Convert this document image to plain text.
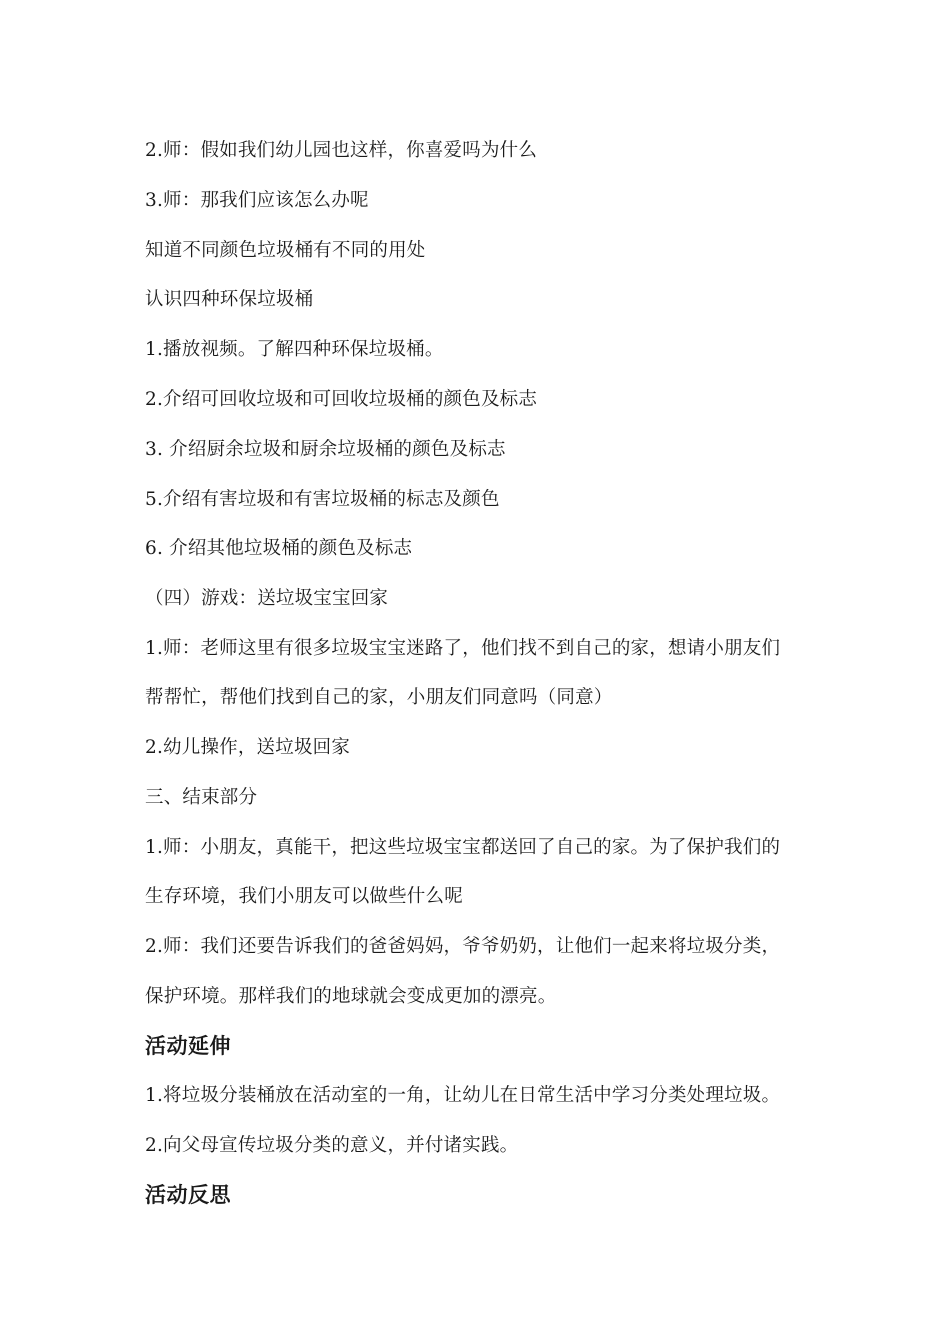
2.师：假如我们幼儿园也这样，你喜爱吗为什么
3.师：那我们应该怎么办呢
知道不同颜色垃圾桶有不同的用处
认识四种环保垃圾桶
1.播放视频。了解四种环保垃圾桶。
2.介绍可回收垃圾和可回收垃圾桶的颜色及标志
3. 介绍厨余垃圾和厨余垃圾桶的颜色及标志
5.介绍有害垃圾和有害垃圾桶的标志及颜色
6. 介绍其他垃圾桶的颜色及标志
（四）游戏：送垃圾宝宝回家
1.师：老师这里有很多垃圾宝宝迷路了，他们找不到自己的家，想请小朋友们
帮帮忙，帮他们找到自己的家，小朋友们同意吗（同意）
2.幼儿操作，送垃圾回家
三、结束部分
1.师：小朋友，真能干，把这些垃圾宝宝都送回了自己的家。为了保护我们的
生存环境，我们小朋友可以做些什么呢
2.师：我们还要告诉我们的爸爸妈妈，爷爷奶奶，让他们一起来将垃圾分类，
保护环境。那样我们的地球就会变成更加的漂亮。
活动延伸
1.将垃圾分装桶放在活动室的一角，让幼儿在日常生活中学习分类处理垃圾。
2.向父母宣传垃圾分类的意义，并付诸实践。
活动反思
